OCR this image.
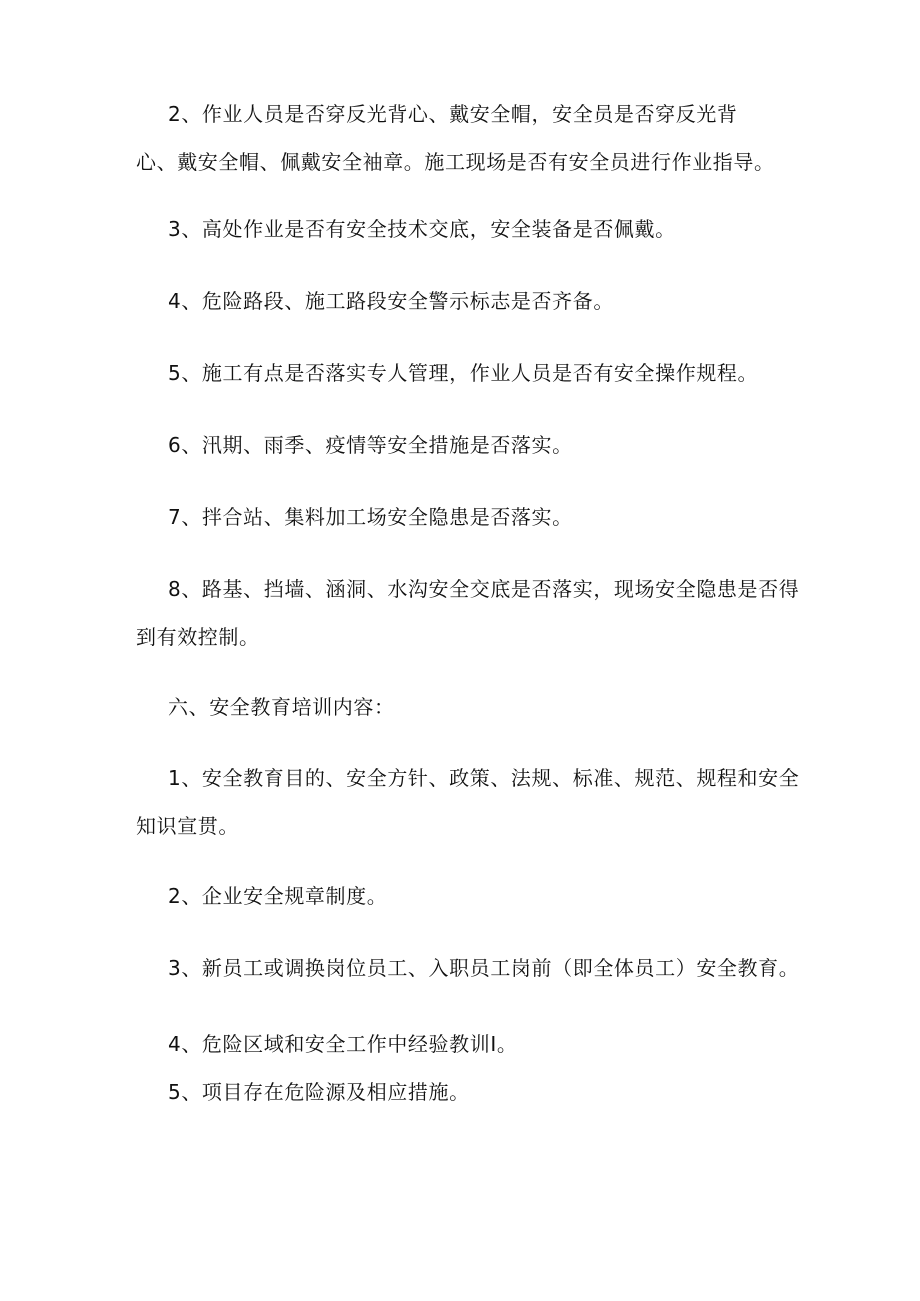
2、作业人员是否穿反光背心、戴安全帽，安全员是否穿反光背
心、戴安全帽、佩戴安全袖章。施工现场是否有安全员进行作业指导。
3、高处作业是否有安全技术交底，安全装备是否佩戴。
4、危险路段、施工路段安全警示标志是否齐备。
5、施工有点是否落实专人管理，作业人员是否有安全操作规程。
6、汛期、雨季、疫情等安全措施是否落实。
7、拌合站、集料加工场安全隐患是否落实。
8、路基、挡墙、涵洞、水沟安全交底是否落实，现场安全隐患是否得
到有效控制。
六、安全教育培训内容：
1、安全教育目的、安全方针、政策、法规、标准、规范、规程和安全
知识宣贯。
2、企业安全规章制度。
3、新员工或调换岗位员工、入职员工岗前（即全体员工）安全教育。
4、危险区域和安全工作中经验教训I。
5、项目存在危险源及相应措施。
